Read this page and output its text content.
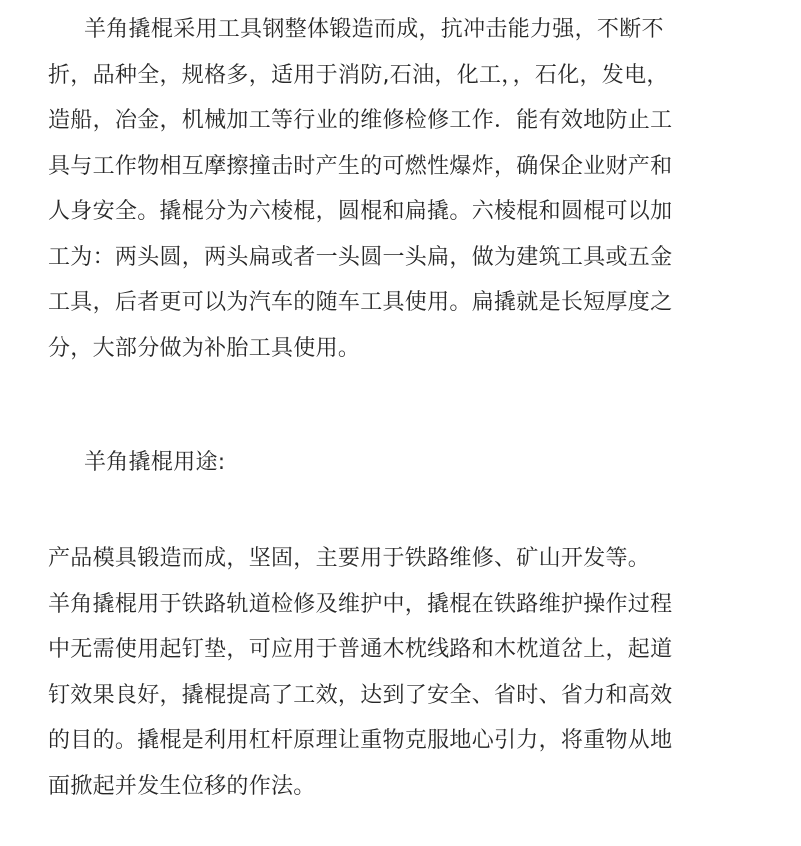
羊角撬棍采用工具钢整体锻造而成，抗冲击能力强，不断不
折，品种全，规格多，适用于消防,石油，化工，，石化，发电，
造船，冶金，机械加工等行业的维修检修工作．能有效地防止工
具与工作物相互摩擦撞击时产生的可燃性爆炸，确保企业财产和
人身安全。撬棍分为六棱棍，圆棍和扁撬。六棱棍和圆棍可以加
工为：两头圆，两头扁或者一头圆一头扁，做为建筑工具或五金
工具，后者更可以为汽车的随车工具使用。扁撬就是长短厚度之
分，大部分做为补胎工具使用。

羊角撬棍用途:

产品模具锻造而成，坚固，主要用于铁路维修、矿山开发等。
羊角撬棍用于铁路轨道检修及维护中，撬棍在铁路维护操作过程
中无需使用起钉垫，可应用于普通木枕线路和木枕道岔上，起道
钉效果良好，撬棍提高了工效，达到了安全、省时、省力和高效
的目的。撬棍是利用杠杆原理让重物克服地心引力，将重物从地
面掀起并发生位移的作法。
